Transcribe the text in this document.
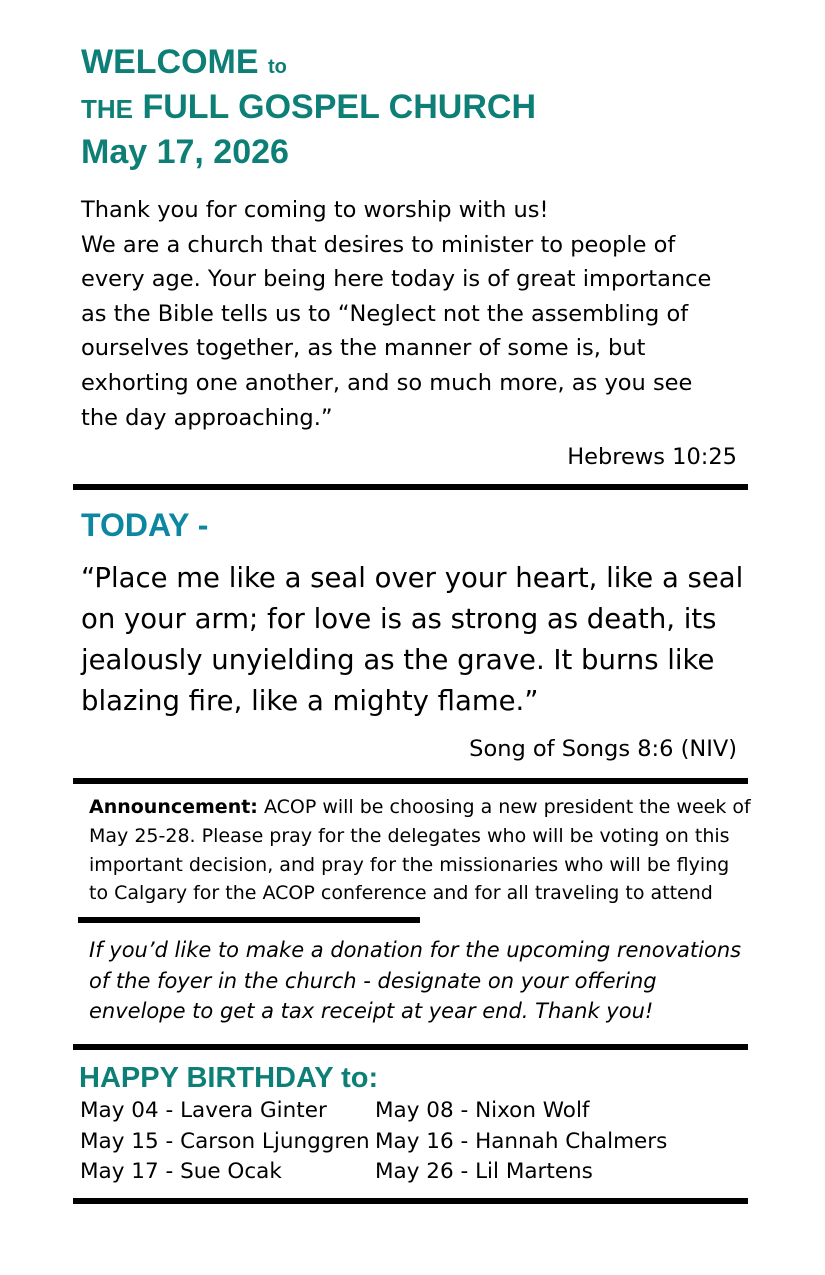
WELCOME to
THE FULL GOSPEL CHURCH
May 17, 2026
Thank you for coming to worship with us!
We are a church that desires to minister to people of
every age. Your being here today is of great importance
as the Bible tells us to “Neglect not the assembling of
ourselves together, as the manner of some is, but
exhorting one another, and so much more, as you see
the day approaching.”
Hebrews 10:25
TODAY -
“Place me like a seal over your heart, like a seal
on your arm; for love is as strong as death, its
jealously unyielding as the grave. It burns like
blazing fire, like a mighty flame.”
Song of Songs 8:6 (NIV)
Announcement: ACOP will be choosing a new president the week of
May 25-28. Please pray for the delegates who will be voting on this
important decision, and pray for the missionaries who will be flying
to Calgary for the ACOP conference and for all traveling to attend
If you’d like to make a donation for the upcoming renovations
of the foyer in the church - designate on your offering
envelope to get a tax receipt at year end. Thank you!
HAPPY BIRTHDAY to:
May 04 - Lavera Ginter
May 15 - Carson Ljunggren
May 17 - Sue Ocak
May 08 - Nixon Wolf
May 16 - Hannah Chalmers
May 26 - Lil Martens
